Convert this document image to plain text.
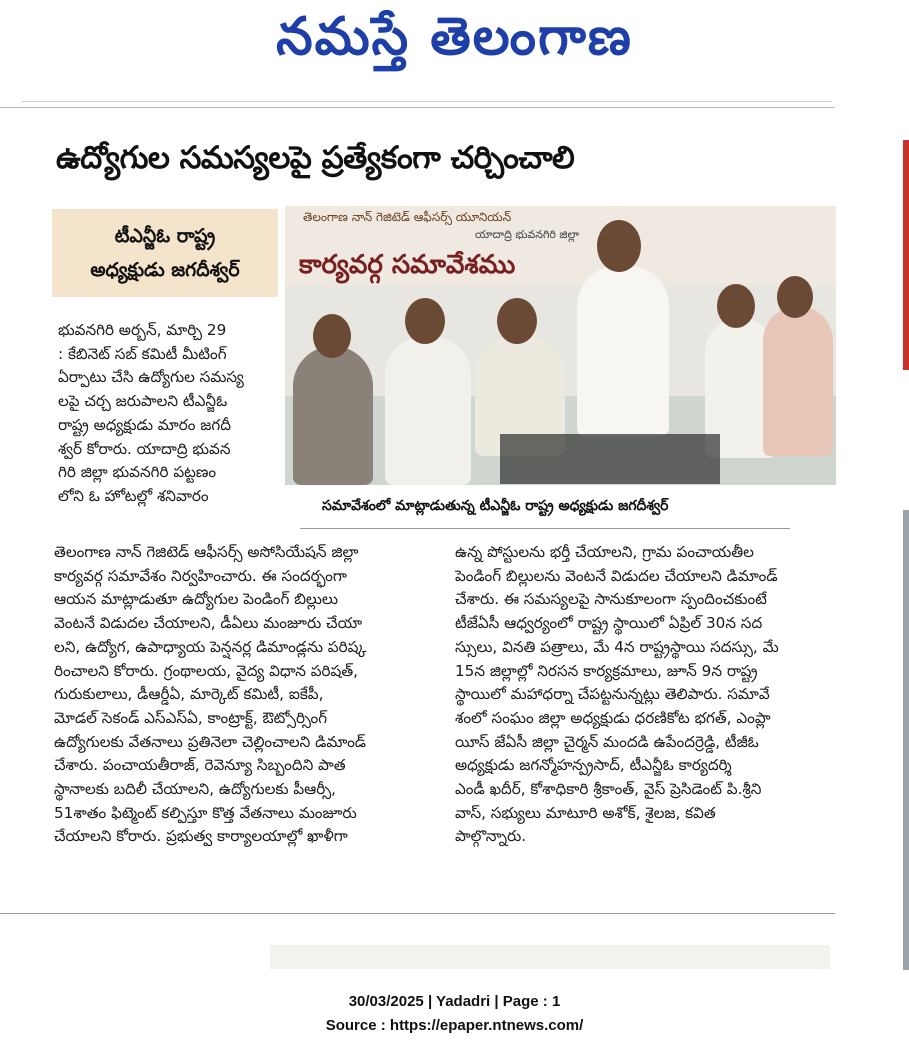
నమస్తే తెలంగాణ
ఉద్యోగుల సమస్యలపై ప్రత్యేకంగా చర్చించాలి
టీఎన్జీఓ రాష్ట్ర
అధ్యక్షుడు జగదీశ్వర్
తెలంగాణ నాన్ గెజిటెడ్ ఆఫీసర్స్ యూనియన్
యాదాద్రి భువనగిరి జిల్లా
కార్యవర్గ సమావేశము
సమావేశంలో మాట్లాడుతున్న టీఎన్జీఓ రాష్ట్ర అధ్యక్షుడు జగదీశ్వర్
భువనగిరి అర్బన్, మార్చి 29
: కేబినెట్ సబ్ కమిటీ మీటింగ్
ఏర్పాటు చేసి ఉద్యోగుల సమస్య
లపై చర్చ జరుపాలని టీఎన్జీఓ
రాష్ట్ర అధ్యక్షుడు మారం జగదీ
శ్వర్ కోరారు. యాదాద్రి భువన
గిరి జిల్లా భువనగిరి పట్టణం
లోని ఓ హోటల్లో శనివారం
తెలంగాణ నాన్ గెజిటెడ్ ఆఫీసర్స్ అసోసియేషన్ జిల్లా
కార్యవర్గ సమావేశం నిర్వహించారు. ఈ సందర్భంగా
ఆయన మాట్లాడుతూ ఉద్యోగుల పెండింగ్ బిల్లులు
వెంటనే విడుదల చేయాలని, డీఏలు మంజూరు చేయా
లని, ఉద్యోగ, ఉపాధ్యాయ పెన్షనర్ల డిమాండ్లను పరిష్క
రించాలని కోరారు. గ్రంథాలయ, వైద్య విధాన పరిషత్,
గురుకులాలు, డీఆర్డీఏ, మార్కెట్ కమిటీ, ఐకేపీ,
మోడల్ సెకండ్ ఎస్ఎస్ఏ, కాంట్రాక్ట్, ఔట్సోర్సింగ్
ఉద్యోగులకు వేతనాలు ప్రతినెలా చెల్లించాలని డిమాండ్
చేశారు. పంచాయతీరాజ్, రెవెన్యూ సిబ్బందిని పాత
స్థానాలకు బదిలీ చేయాలని, ఉద్యోగులకు పీఆర్సీ,
51శాతం ఫిట్మెంట్ కల్పిస్తూ కొత్త వేతనాలు మంజూరు
చేయాలని కోరారు. ప్రభుత్వ కార్యాలయాల్లో ఖాళీగా
ఉన్న పోస్టులను భర్తీ చేయాలని, గ్రామ పంచాయతీల
పెండింగ్ బిల్లులను వెంటనే విడుదల చేయాలని డిమాండ్
చేశారు. ఈ సమస్యలపై సానుకూలంగా స్పందించకుంటే
టీజేఏసీ ఆధ్వర్యంలో రాష్ట్ర స్థాయిలో ఏప్రిల్ 30న సద
స్సులు, వినతి పత్రాలు, మే 4న రాష్ట్రస్థాయి సదస్సు, మే
15న జిల్లాల్లో నిరసన కార్యక్రమాలు, జూన్ 9న రాష్ట్ర
స్థాయిలో మహాధర్నా చేపట్టనున్నట్లు తెలిపారు. సమావే
శంలో సంఘం జిల్లా అధ్యక్షుడు ధరణికోట భగత్, ఎంప్లా
యీస్ జేఏసీ జిల్లా చైర్మన్ మందడి ఉపేందర్రెడ్డి, టీజీఓ
అధ్యక్షుడు జగన్మోహన్ప్రసాద్, టీఎన్జీఓ కార్యదర్శి
ఎండీ ఖదీర్, కోశాధికారి శ్రీకాంత్, వైస్ ప్రెసిడెంట్ పి.శ్రీని
వాస్, సభ్యులు మాటూరి అశోక్, శైలజ, కవిత
పాల్గొన్నారు.
30/03/2025 | Yadadri | Page : 1
Source : https://epaper.ntnews.com/
